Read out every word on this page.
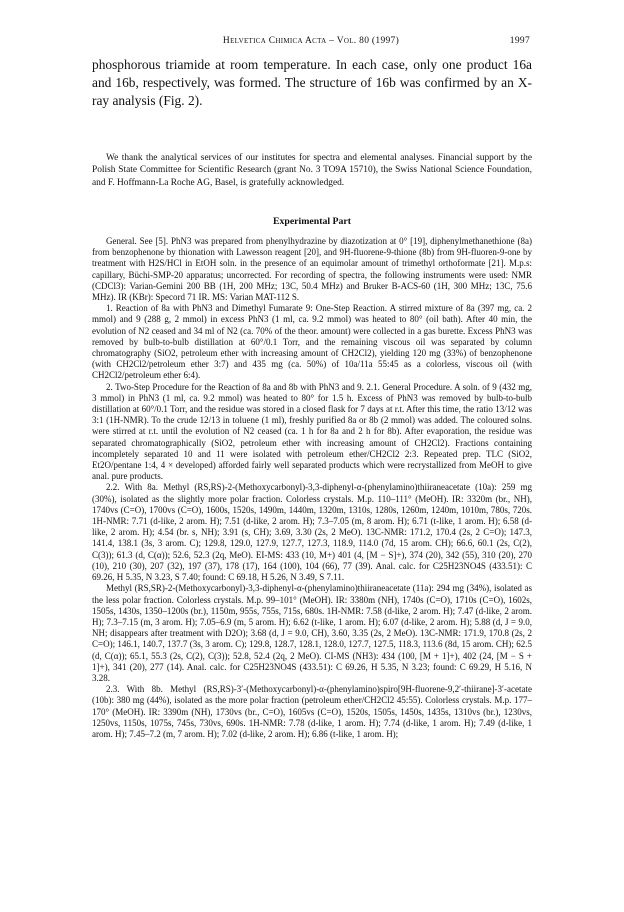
Helvetica Chimica Acta – Vol. 80 (1997)	1997
phosphorous triamide at room temperature. In each case, only one product 16a and 16b, respectively, was formed. The structure of 16b was confirmed by an X-ray analysis (Fig. 2).
We thank the analytical services of our institutes for spectra and elemental analyses. Financial support by the Polish State Committee for Scientific Research (grant No. 3 TO9A 15710), the Swiss National Science Foundation, and F. Hoffmann-La Roche AG, Basel, is gratefully acknowledged.
Experimental Part

General. See [5]. PhN3 was prepared from phenylhydrazine by diazotization at 0° [19], diphenylmethanethione (8a) from benzophenone by thionation with Lawesson reagent [20], and 9H-fluorene-9-thione (8b) from 9H-fluoren-9-one by treatment with H2S/HCl in EtOH soln. in the presence of an equimolar amount of trimethyl orthoformate [21]. M.p.s: capillary, Büchi-SMP-20 apparatus; uncorrected. For recording of spectra, the following instruments were used: NMR (CDCl3): Varian-Gemini 200 BB (1H, 200 MHz; 13C, 50.4 MHz) and Bruker B-ACS-60 (1H, 300 MHz; 13C, 75.6 MHz). IR (KBr): Specord 71 IR. MS: Varian MAT-112 S.

1. Reaction of 8a with PhN3 and Dimethyl Fumarate 9: One-Step Reaction. A stirred mixture of 8a (397 mg, ca. 2 mmol) and 9 (288 g, 2 mmol) in excess PhN3 (1 ml, ca. 9.2 mmol) was heated to 80° (oil bath). After 40 min, the evolution of N2 ceased and 34 ml of N2 (ca. 70% of the theor. amount) were collected in a gas burette. Excess PhN3 was removed by bulb-to-bulb distillation at 60°/0.1 Torr, and the remaining viscous oil was separated by column chromatography (SiO2, petroleum ether with increasing amount of CH2Cl2), yielding 120 mg (33%) of benzophenone (with CH2Cl2/petroleum ether 3:7) and 435 mg (ca. 50%) of 10a/11a 55:45 as a colorless, viscous oil (with CH2Cl2/petroleum ether 6:4).

2. Two-Step Procedure for the Reaction of 8a and 8b with PhN3 and 9. 2.1. General Procedure. A soln. of 9 (432 mg, 3 mmol) in PhN3 (1 ml, ca. 9.2 mmol) was heated to 80° for 1.5 h. Excess of PhN3 was removed by bulb-to-bulb distillation at 60°/0.1 Torr, and the residue was stored in a closed flask for 7 days at r.t. After this time, the ratio 13/12 was 3:1 (1H-NMR). To the crude 12/13 in toluene (1 ml), freshly purified 8a or 8b (2 mmol) was added. The coloured solns. were stirred at r.t. until the evolution of N2 ceased (ca. 1 h for 8a and 2 h for 8b). After evaporation, the residue was separated chromatographically (SiO2, petroleum ether with increasing amount of CH2Cl2). Fractions containing incompletely separated 10 and 11 were isolated with petroleum ether/CH2Cl2 2:3. Repeated prep. TLC (SiO2, Et2O/pentane 1:4, 4 × developed) afforded fairly well separated products which were recrystallized from MeOH to give anal. pure products.

2.2. With 8a. Methyl (RS,RS)-2-(Methoxycarbonyl)-3,3-diphenyl-α-(phenylamino)thiiraneacetate (10a): 259 mg (30%), isolated as the slightly more polar fraction. Colorless crystals. M.p. 110–111° (MeOH). IR: 3320m (br., NH), 1740vs (C=O), 1700vs (C=O), 1600s, 1520s, 1490m, 1440m, 1320m, 1310s, 1280s, 1260m, 1240m, 1010m, 780s, 720s. 1H-NMR: 7.71 (d-like, 2 arom. H); 7.51 (d-like, 2 arom. H); 7.3–7.05 (m, 8 arom. H); 6.71 (t-like, 1 arom. H); 6.58 (d-like, 2 arom. H); 4.54 (br. s, NH); 3.91 (s, CH); 3.69, 3.30 (2s, 2 MeO). 13C-NMR: 171.2, 170.4 (2s, 2 C=O); 147.3, 141.4, 138.1 (3s, 3 arom. C); 129.8, 129.0, 127.9, 127.7, 127.3, 118.9, 114.0 (7d, 15 arom. CH); 66.6, 60.1 (2s, C(2), C(3)); 61.3 (d, C(α)); 52.6, 52.3 (2q, MeO). EI-MS: 433 (10, M+) 401 (4, [M − S]+), 374 (20), 342 (55), 310 (20), 270 (10), 210 (30), 207 (32), 197 (37), 178 (17), 164 (100), 104 (66), 77 (39). Anal. calc. for C25H23NO4S (433.51): C 69.26, H 5.35, N 3.23, S 7.40; found: C 69.18, H 5.26, N 3.49, S 7.11.

Methyl (RS,SR)-2-(Methoxycarbonyl)-3,3-diphenyl-α-(phenylamino)thiiraneacetate (11a): 294 mg (34%), isolated as the less polar fraction. Colorless crystals. M.p. 99–101° (MeOH). IR: 3380m (NH), 1740s (C=O), 1710s (C=O), 1602s, 1505s, 1430s, 1350–1200s (br.), 1150m, 955s, 755s, 715s, 680s. 1H-NMR: 7.58 (d-like, 2 arom. H); 7.47 (d-like, 2 arom. H); 7.3–7.15 (m, 3 arom. H); 7.05–6.9 (m, 5 arom. H); 6.62 (t-like, 1 arom. H); 6.07 (d-like, 2 arom. H); 5.88 (d, J = 9.0, NH; disappears after treatment with D2O); 3.68 (d, J = 9.0, CH), 3.60, 3.35 (2s, 2 MeO). 13C-NMR: 171.9, 170.8 (2s, 2 C=O); 146.1, 140.7, 137.7 (3s, 3 arom. C); 129.8, 128.7, 128.1, 128.0, 127.7, 127.5, 118.3, 113.6 (8d, 15 arom. CH); 62.5 (d, C(α)); 65.1, 55.3 (2s, C(2), C(3)); 52.8, 52.4 (2q, 2 MeO). CI-MS (NH3): 434 (100, [M + 1]+), 402 (24, [M − S + 1]+), 341 (20), 277 (14). Anal. calc. for C25H23NO4S (433.51): C 69.26, H 5.35, N 3.23; found: C 69.29, H 5.16, N 3.28.

2.3. With 8b. Methyl (RS,RS)-3′-(Methoxycarbonyl)-α-(phenylamino)spiro[9H-fluorene-9,2′-thiirane]-3′-acetate (10b): 380 mg (44%), isolated as the more polar fraction (petroleum ether/CH2Cl2 45:55). Colorless crystals. M.p. 177–170° (MeOH). IR: 3390m (NH), 1730vs (br., C=O), 1605vs (C=O), 1520s, 1505s, 1450s, 1435s, 1310vs (br.), 1230vs, 1250vs, 1150s, 1075s, 745s, 730vs, 690s. 1H-NMR: 7.78 (d-like, 1 arom. H); 7.74 (d-like, 1 arom. H); 7.49 (d-like, 1 arom. H); 7.45–7.2 (m, 7 arom. H); 7.02 (d-like, 2 arom. H); 6.86 (t-like, 1 arom. H);
